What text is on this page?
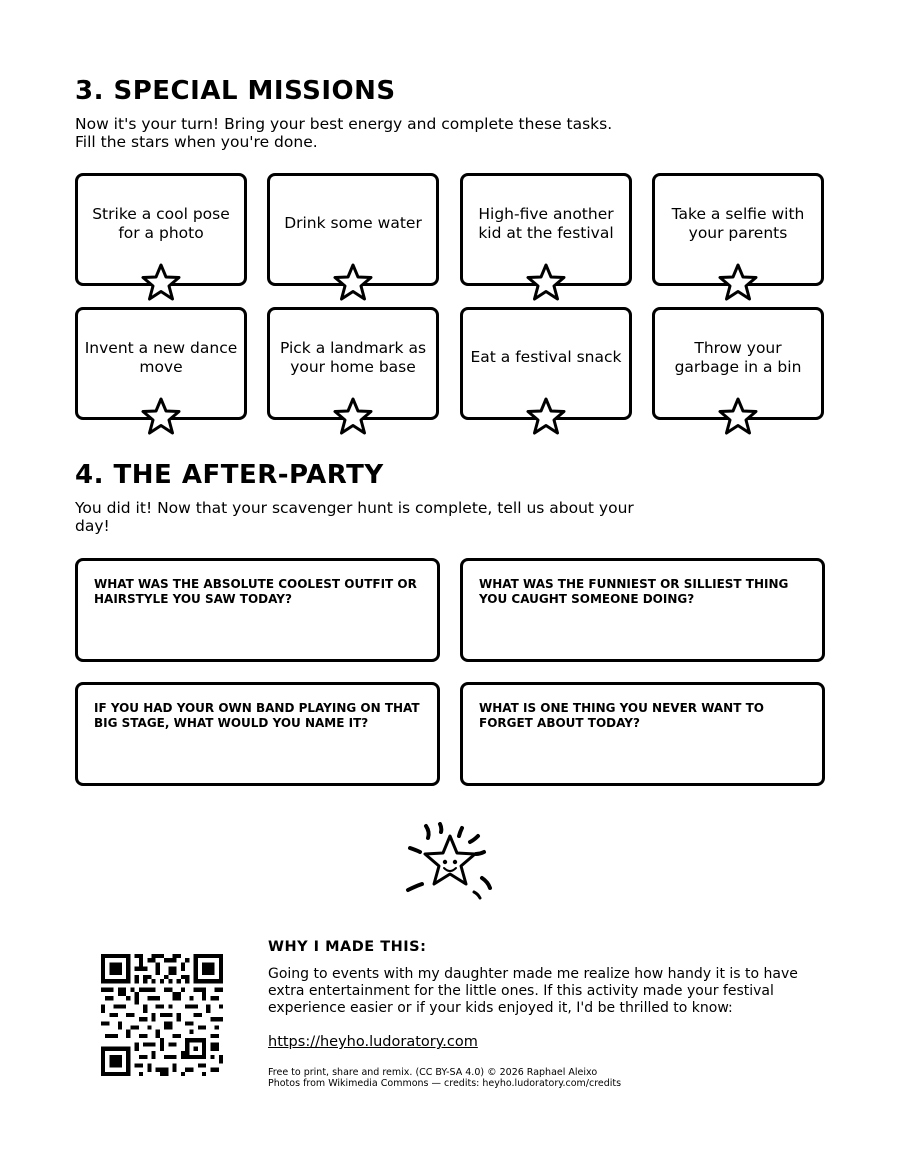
3. SPECIAL MISSIONS

Now it's your turn! Bring your best energy and complete these tasks. Fill the stars when you're done.

Strike a cool pose for a photo
Drink some water
High-five another kid at the festival
Take a selfie with your parents
Invent a new dance move
Pick a landmark as your home base
Eat a festival snack
Throw your garbage in a bin
4. THE AFTER-PARTY

You did it! Now that your scavenger hunt is complete, tell us about your day!

WHAT WAS THE ABSOLUTE COOLEST OUTFIT OR HAIRSTYLE YOU SAW TODAY?
WHAT WAS THE FUNNIEST OR SILLIEST THING YOU CAUGHT SOMEONE DOING?
IF YOU HAD YOUR OWN BAND PLAYING ON THAT BIG STAGE, WHAT WOULD YOU NAME IT?
WHAT IS ONE THING YOU NEVER WANT TO FORGET ABOUT TODAY?
WHY I MADE THIS:
Going to events with my daughter made me realize how handy it is to have extra entertainment for the little ones. If this activity made your festival experience easier or if your kids enjoyed it, I'd be thrilled to know:
https://heyho.ludoratory.com
Free to print, share and remix. (CC BY-SA 4.0) © 2026 Raphael Aleixo
Photos from Wikimedia Commons — credits: heyho.ludoratory.com/credits
